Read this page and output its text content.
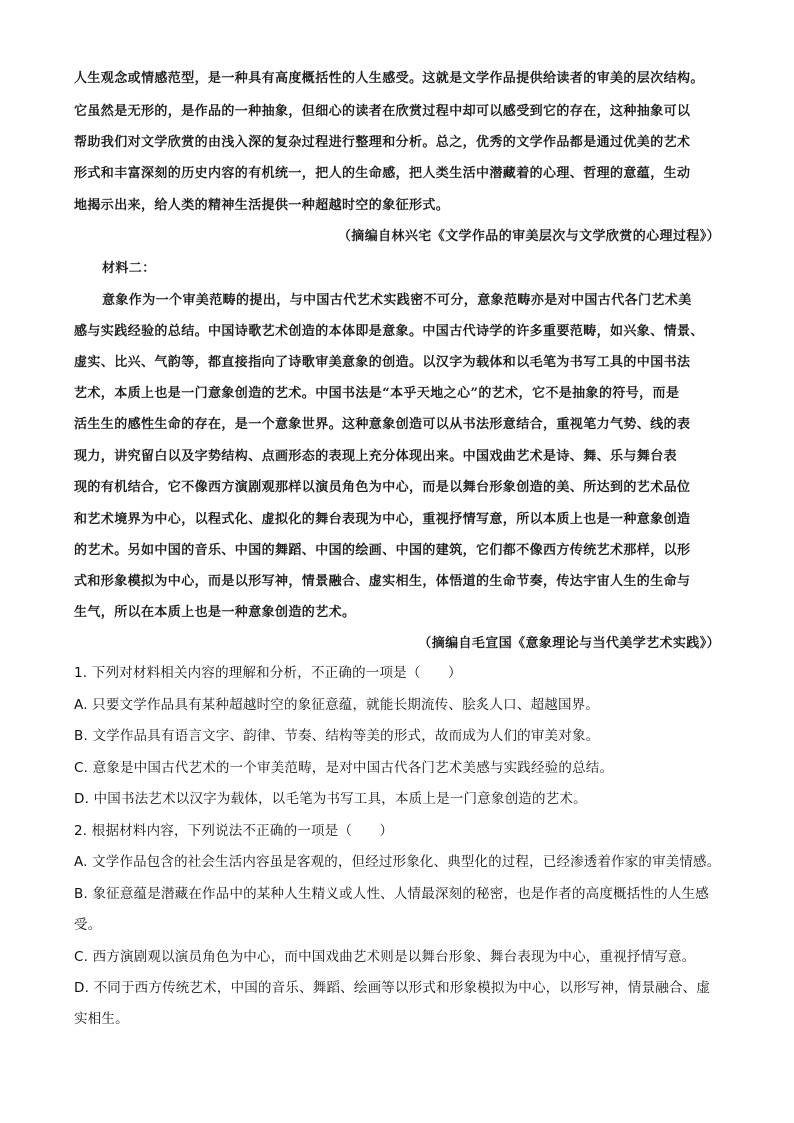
人生观念或情感范型，是一种具有高度概括性的人生感受。这就是文学作品提供给读者的审美的层次结构。
它虽然是无形的，是作品的一种抽象，但细心的读者在欣赏过程中却可以感受到它的存在，这种抽象可以
帮助我们对文学欣赏的由浅入深的复杂过程进行整理和分析。总之，优秀的文学作品都是通过优美的艺术
形式和丰富深刻的历史内容的有机统一，把人的生命感，把人类生活中潜藏着的心理、哲理的意蕴，生动
地揭示出来，给人类的精神生活提供一种超越时空的象征形式。
（摘编自林兴宅《文学作品的审美层次与文学欣赏的心理过程》）
材料二：
意象作为一个审美范畴的提出，与中国古代艺术实践密不可分，意象范畴亦是对中国古代各门艺术美
感与实践经验的总结。中国诗歌艺术创造的本体即是意象。中国古代诗学的许多重要范畴，如兴象、情景、
虚实、比兴、气韵等，都直接指向了诗歌审美意象的创造。以汉字为载体和以毛笔为书写工具的中国书法
艺术，本质上也是一门意象创造的艺术。中国书法是“本乎天地之心”的艺术，它不是抽象的符号，而是
活生生的感性生命的存在，是一个意象世界。这种意象创造可以从书法形意结合，重视笔力气势、线的表
现力，讲究留白以及字势结构、点画形态的表现上充分体现出来。中国戏曲艺术是诗、舞、乐与舞台表
现的有机结合，它不像西方演剧观那样以演员角色为中心，而是以舞台形象创造的美、所达到的艺术品位
和艺术境界为中心，以程式化、虚拟化的舞台表现为中心，重视抒情写意，所以本质上也是一种意象创造
的艺术。另如中国的音乐、中国的舞蹈、中国的绘画、中国的建筑，它们都不像西方传统艺术那样，以形
式和形象模拟为中心，而是以形写神，情景融合、虚实相生，体悟道的生命节奏，传达宇宙人生的生命与
生气，所以在本质上也是一种意象创造的艺术。
（摘编自毛宣国《意象理论与当代美学艺术实践》）
1. 下列对材料相关内容的理解和分析，不正确的一项是（　　）
A. 只要文学作品具有某种超越时空的象征意蕴，就能长期流传、脍炙人口、超越国界。
B. 文学作品具有语言文字、韵律、节奏、结构等美的形式，故而成为人们的审美对象。
C. 意象是中国古代艺术的一个审美范畴，是对中国古代各门艺术美感与实践经验的总结。
D. 中国书法艺术以汉字为载体，以毛笔为书写工具，本质上是一门意象创造的艺术。
2. 根据材料内容，下列说法不正确的一项是（　　）
A. 文学作品包含的社会生活内容虽是客观的，但经过形象化、典型化的过程，已经渗透着作家的审美情感。
B. 象征意蕴是潜藏在作品中的某种人生精义或人性、人情最深刻的秘密，也是作者的高度概括性的人生感
受。
C. 西方演剧观以演员角色为中心，而中国戏曲艺术则是以舞台形象、舞台表现为中心，重视抒情写意。
D. 不同于西方传统艺术，中国的音乐、舞蹈、绘画等以形式和形象模拟为中心，以形写神，情景融合、虚
实相生。
